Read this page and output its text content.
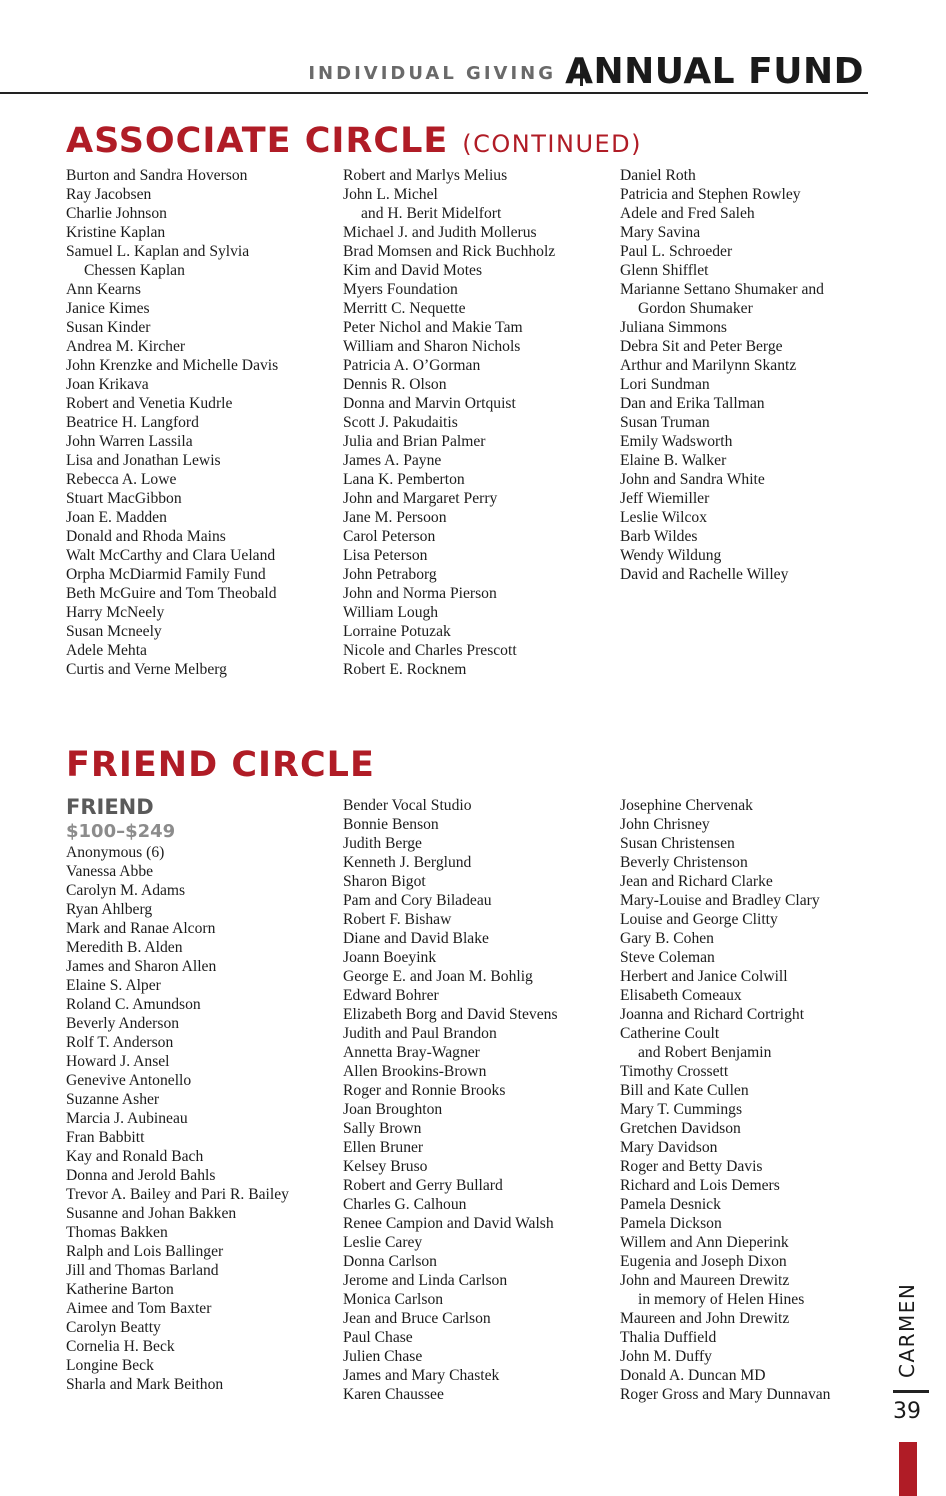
INDIVIDUAL GIVING ANNUAL FUND
ASSOCIATE CIRCLE (CONTINUED)
Burton and Sandra Hoverson
Ray Jacobsen
Charlie Johnson
Kristine Kaplan
Samuel L. Kaplan and Sylvia
Chessen Kaplan
Ann Kearns
Janice Kimes
Susan Kinder
Andrea M. Kircher
John Krenzke and Michelle Davis
Joan Krikava
Robert and Venetia Kudrle
Beatrice H. Langford
John Warren Lassila
Lisa and Jonathan Lewis
Rebecca A. Lowe
Stuart MacGibbon
Joan E. Madden
Donald and Rhoda Mains
Walt McCarthy and Clara Ueland
Orpha McDiarmid Family Fund
Beth McGuire and Tom Theobald
Harry McNeely
Susan Mcneely
Adele Mehta
Curtis and Verne Melberg
Robert and Marlys Melius
John L. Michel
and H. Berit Midelfort
Michael J. and Judith Mollerus
Brad Momsen and Rick Buchholz
Kim and David Motes
Myers Foundation
Merritt C. Nequette
Peter Nichol and Makie Tam
William and Sharon Nichols
Patricia A. O’Gorman
Dennis R. Olson
Donna and Marvin Ortquist
Scott J. Pakudaitis
Julia and Brian Palmer
James A. Payne
Lana K. Pemberton
John and Margaret Perry
Jane M. Persoon
Carol Peterson
Lisa Peterson
John Petraborg
John and Norma Pierson
William Lough
Lorraine Potuzak
Nicole and Charles Prescott
Robert E. Rocknem
Daniel Roth
Patricia and Stephen Rowley
Adele and Fred Saleh
Mary Savina
Paul L. Schroeder
Glenn Shifflet
Marianne Settano Shumaker and
Gordon Shumaker
Juliana Simmons
Debra Sit and Peter Berge
Arthur and Marilynn Skantz
Lori Sundman
Dan and Erika Tallman
Susan Truman
Emily Wadsworth
Elaine B. Walker
John and Sandra White
Jeff Wiemiller
Leslie Wilcox
Barb Wildes
Wendy Wildung
David and Rachelle Willey
FRIEND CIRCLE
FRIEND
$100–$249
Anonymous (6)
Vanessa Abbe
Carolyn M. Adams
Ryan Ahlberg
Mark and Ranae Alcorn
Meredith B. Alden
James and Sharon Allen
Elaine S. Alper
Roland C. Amundson
Beverly Anderson
Rolf T. Anderson
Howard J. Ansel
Genevive Antonello
Suzanne Asher
Marcia J. Aubineau
Fran Babbitt
Kay and Ronald Bach
Donna and Jerold Bahls
Trevor A. Bailey and Pari R. Bailey
Susanne and Johan Bakken
Thomas Bakken
Ralph and Lois Ballinger
Jill and Thomas Barland
Katherine Barton
Aimee and Tom Baxter
Carolyn Beatty
Cornelia H. Beck
Longine Beck
Sharla and Mark Beithon
Bender Vocal Studio
Bonnie Benson
Judith Berge
Kenneth J. Berglund
Sharon Bigot
Pam and Cory Biladeau
Robert F. Bishaw
Diane and David Blake
Joann Boeyink
George E. and Joan M. Bohlig
Edward Bohrer
Elizabeth Borg and David Stevens
Judith and Paul Brandon
Annetta Bray-Wagner
Allen Brookins-Brown
Roger and Ronnie Brooks
Joan Broughton
Sally Brown
Ellen Bruner
Kelsey Bruso
Robert and Gerry Bullard
Charles G. Calhoun
Renee Campion and David Walsh
Leslie Carey
Donna Carlson
Jerome and Linda Carlson
Monica Carlson
Jean and Bruce Carlson
Paul Chase
Julien Chase
James and Mary Chastek
Karen Chaussee
Josephine Chervenak
John Chrisney
Susan Christensen
Beverly Christenson
Jean and Richard Clarke
Mary-Louise and Bradley Clary
Louise and George Clitty
Gary B. Cohen
Steve Coleman
Herbert and Janice Colwill
Elisabeth Comeaux
Joanna and Richard Cortright
Catherine Coult
and Robert Benjamin
Timothy Crossett
Bill and Kate Cullen
Mary T. Cummings
Gretchen Davidson
Mary Davidson
Roger and Betty Davis
Richard and Lois Demers
Pamela Desnick
Pamela Dickson
Willem and Ann Dieperink
Eugenia and Joseph Dixon
John and Maureen Drewitz
in memory of Helen Hines
Maureen and John Drewitz
Thalia Duffield
John M. Duffy
Donald A. Duncan MD
Roger Gross and Mary Dunnavan
CARMEN
39
